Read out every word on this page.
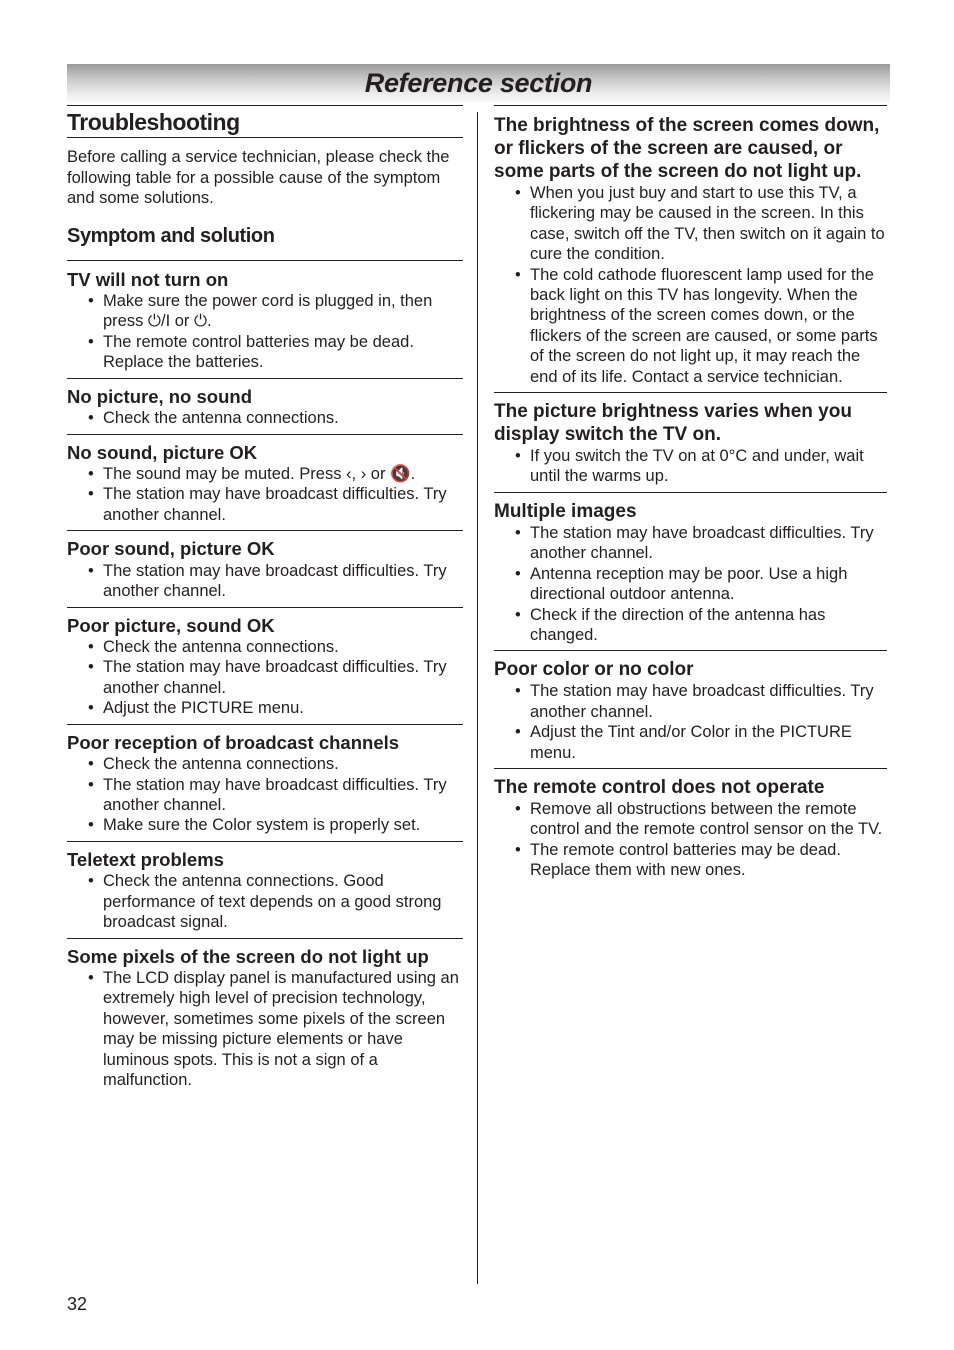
Reference section
Troubleshooting

Before calling a service technician, please check the following table for a possible cause of the symptom and some solutions.

Symptom and solution
TV will not turn on
• Make sure the power cord is plugged in, then press ⏻/I or ⏻.
• The remote control batteries may be dead. Replace the batteries.
No picture, no sound
• Check the antenna connections.
No sound, picture OK
• The sound may be muted. Press ‹, › or 🔇.
• The station may have broadcast difficulties. Try another channel.
Poor sound, picture OK
• The station may have broadcast difficulties. Try another channel.
Poor picture, sound OK
• Check the antenna connections.
• The station may have broadcast difficulties. Try another channel.
• Adjust the PICTURE menu.
Poor reception of broadcast channels
• Check the antenna connections.
• The station may have broadcast difficulties. Try another channel.
• Make sure the Color system is properly set.
Teletext problems
• Check the antenna connections. Good performance of text depends on a good strong broadcast signal.
Some pixels of the screen do not light up
• The LCD display panel is manufactured using an extremely high level of precision technology, however, sometimes some pixels of the screen may be missing picture elements or have luminous spots. This is not a sign of a malfunction.
The brightness of the screen comes down, or flickers of the screen are caused, or some parts of the screen do not light up.
• When you just buy and start to use this TV, a flickering may be caused in the screen. In this case, switch off the TV, then switch on it again to cure the condition.
• The cold cathode fluorescent lamp used for the back light on this TV has longevity. When the brightness of the screen comes down, or the flickers of the screen are caused, or some parts of the screen do not light up, it may reach the end of its life. Contact a service technician.
The picture brightness varies when you display switch the TV on.
• If you switch the TV on at 0°C and under, wait until the warms up.
Multiple images
• The station may have broadcast difficulties. Try another channel.
• Antenna reception may be poor. Use a high directional outdoor antenna.
• Check if the direction of the antenna has changed.
Poor color or no color
• The station may have broadcast difficulties. Try another channel.
• Adjust the Tint and/or Color in the PICTURE menu.
The remote control does not operate
• Remove all obstructions between the remote control and the remote control sensor on the TV.
• The remote control batteries may be dead. Replace them with new ones.
32
